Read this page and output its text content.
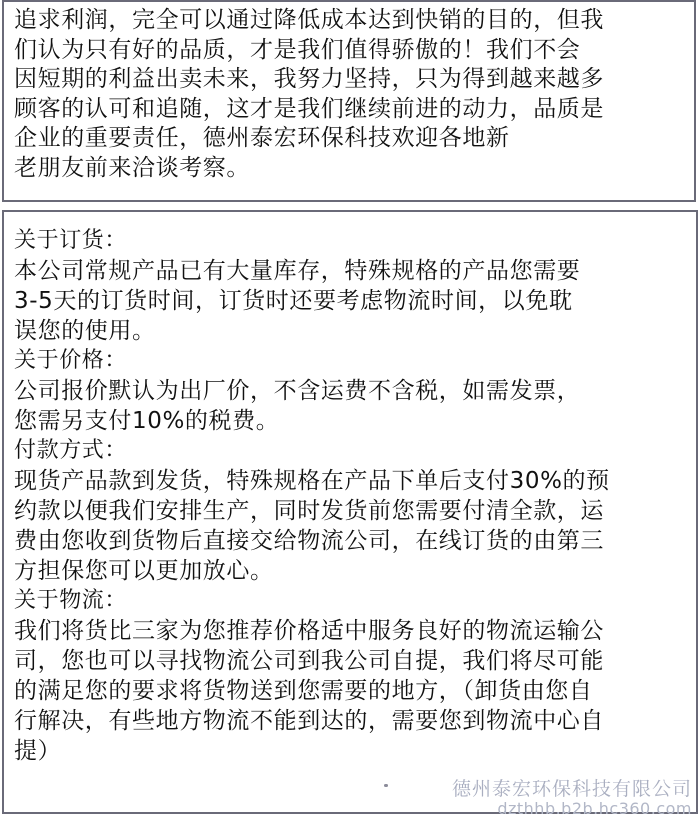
追求利润，完全可以通过降低成本达到快销的目的，但我
们认为只有好的品质，才是我们值得骄傲的！我们不会
因短期的利益出卖未来，我努力坚持，只为得到越来越多
顾客的认可和追随，这才是我们继续前进的动力，品质是
企业的重要责任，德州泰宏环保科技欢迎各地新
老朋友前来洽谈考察。
关于订货：
本公司常规产品已有大量库存，特殊规格的产品您需要
3-5天的订货时间，订货时还要考虑物流时间，以免耽
误您的使用。
关于价格：
公司报价默认为出厂价，不含运费不含税，如需发票，
您需另支付10%的税费。
付款方式：
现货产品款到发货，特殊规格在产品下单后支付30%的预
约款以便我们安排生产，同时发货前您需要付清全款，运
费由您收到货物后直接交给物流公司，在线订货的由第三
方担保您可以更加放心。
关于物流：
我们将货比三家为您推荐价格适中服务良好的物流运输公
司，您也可以寻找物流公司到我公司自提，我们将尽可能
的满足您的要求将货物送到您需要的地方，（卸货由您自
行解决，有些地方物流不能到达的，需要您到物流中心自
提）
德州泰宏环保科技有限公司
dzthhb.b2b.hc360.com
